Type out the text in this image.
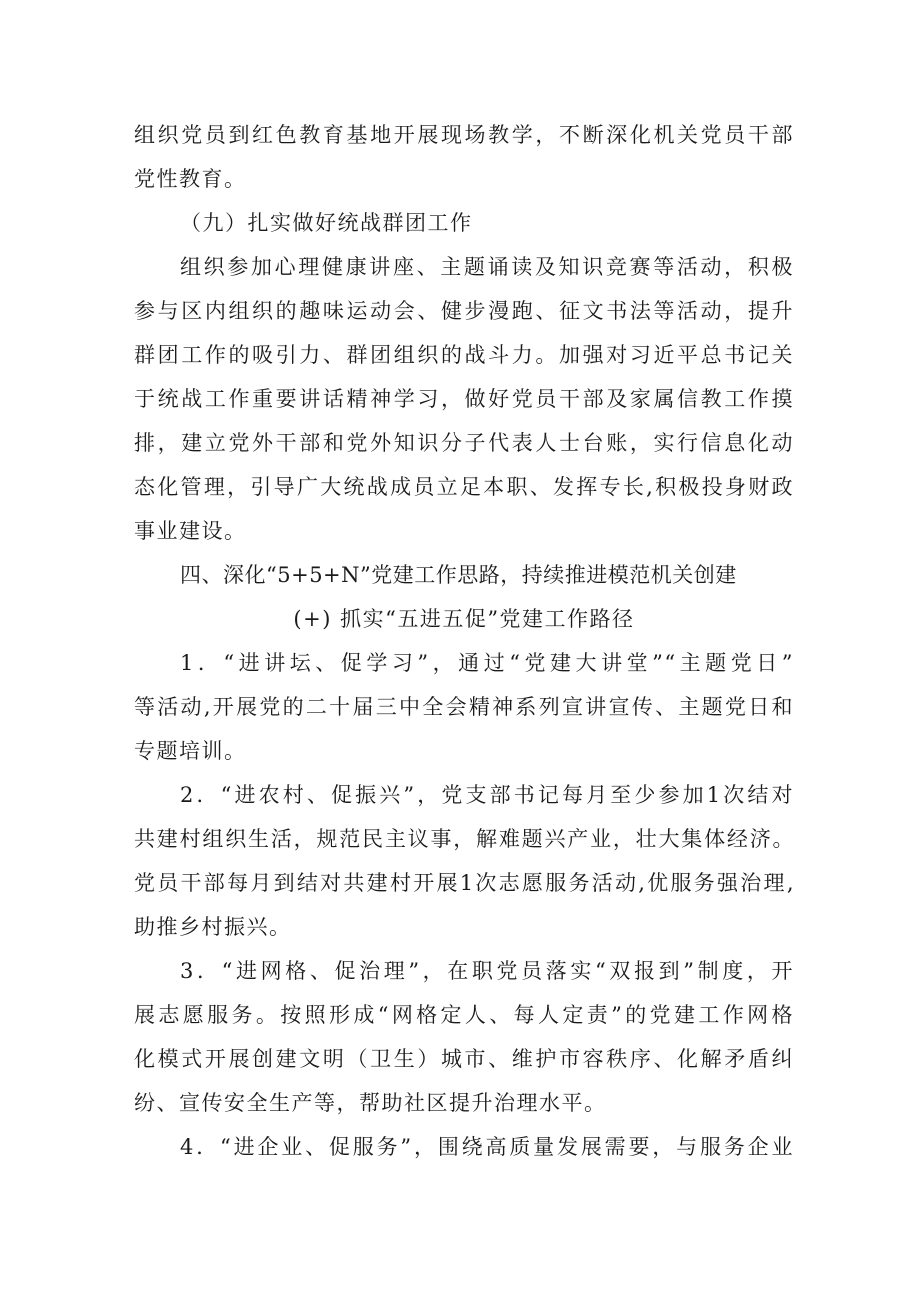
组织党员到红色教育基地开展现场教学，不断深化机关党员干部
党性教育。
（九）扎实做好统战群团工作
组织参加心理健康讲座、主题诵读及知识竞赛等活动，积极
参与区内组织的趣味运动会、健步漫跑、征文书法等活动，提升
群团工作的吸引力、群团组织的战斗力。加强对习近平总书记关
于统战工作重要讲话精神学习，做好党员干部及家属信教工作摸
排，建立党外干部和党外知识分子代表人士台账，实行信息化动
态化管理，引导广大统战成员立足本职、发挥专长,积极投身财政
事业建设。
四、深化“5+5+N”党建工作思路，持续推进模范机关创建
(+) 抓实“五进五促”党建工作路径
1．“进讲坛、促学习”，通过“党建大讲堂”“主题党日”
等活动,开展党的二十届三中全会精神系列宣讲宣传、主题党日和
专题培训。
2．“进农村、促振兴”，党支部书记每月至少参加1次结对
共建村组织生活，规范民主议事，解难题兴产业，壮大集体经济。
党员干部每月到结对共建村开展1次志愿服务活动,优服务强治理,
助推乡村振兴。
3．“进网格、促治理”，在职党员落实“双报到”制度，开
展志愿服务。按照形成“网格定人、每人定责”的党建工作网格
化模式开展创建文明（卫生）城市、维护市容秩序、化解矛盾纠
纷、宣传安全生产等，帮助社区提升治理水平。
4．“进企业、促服务”，围绕高质量发展需要，与服务企业
